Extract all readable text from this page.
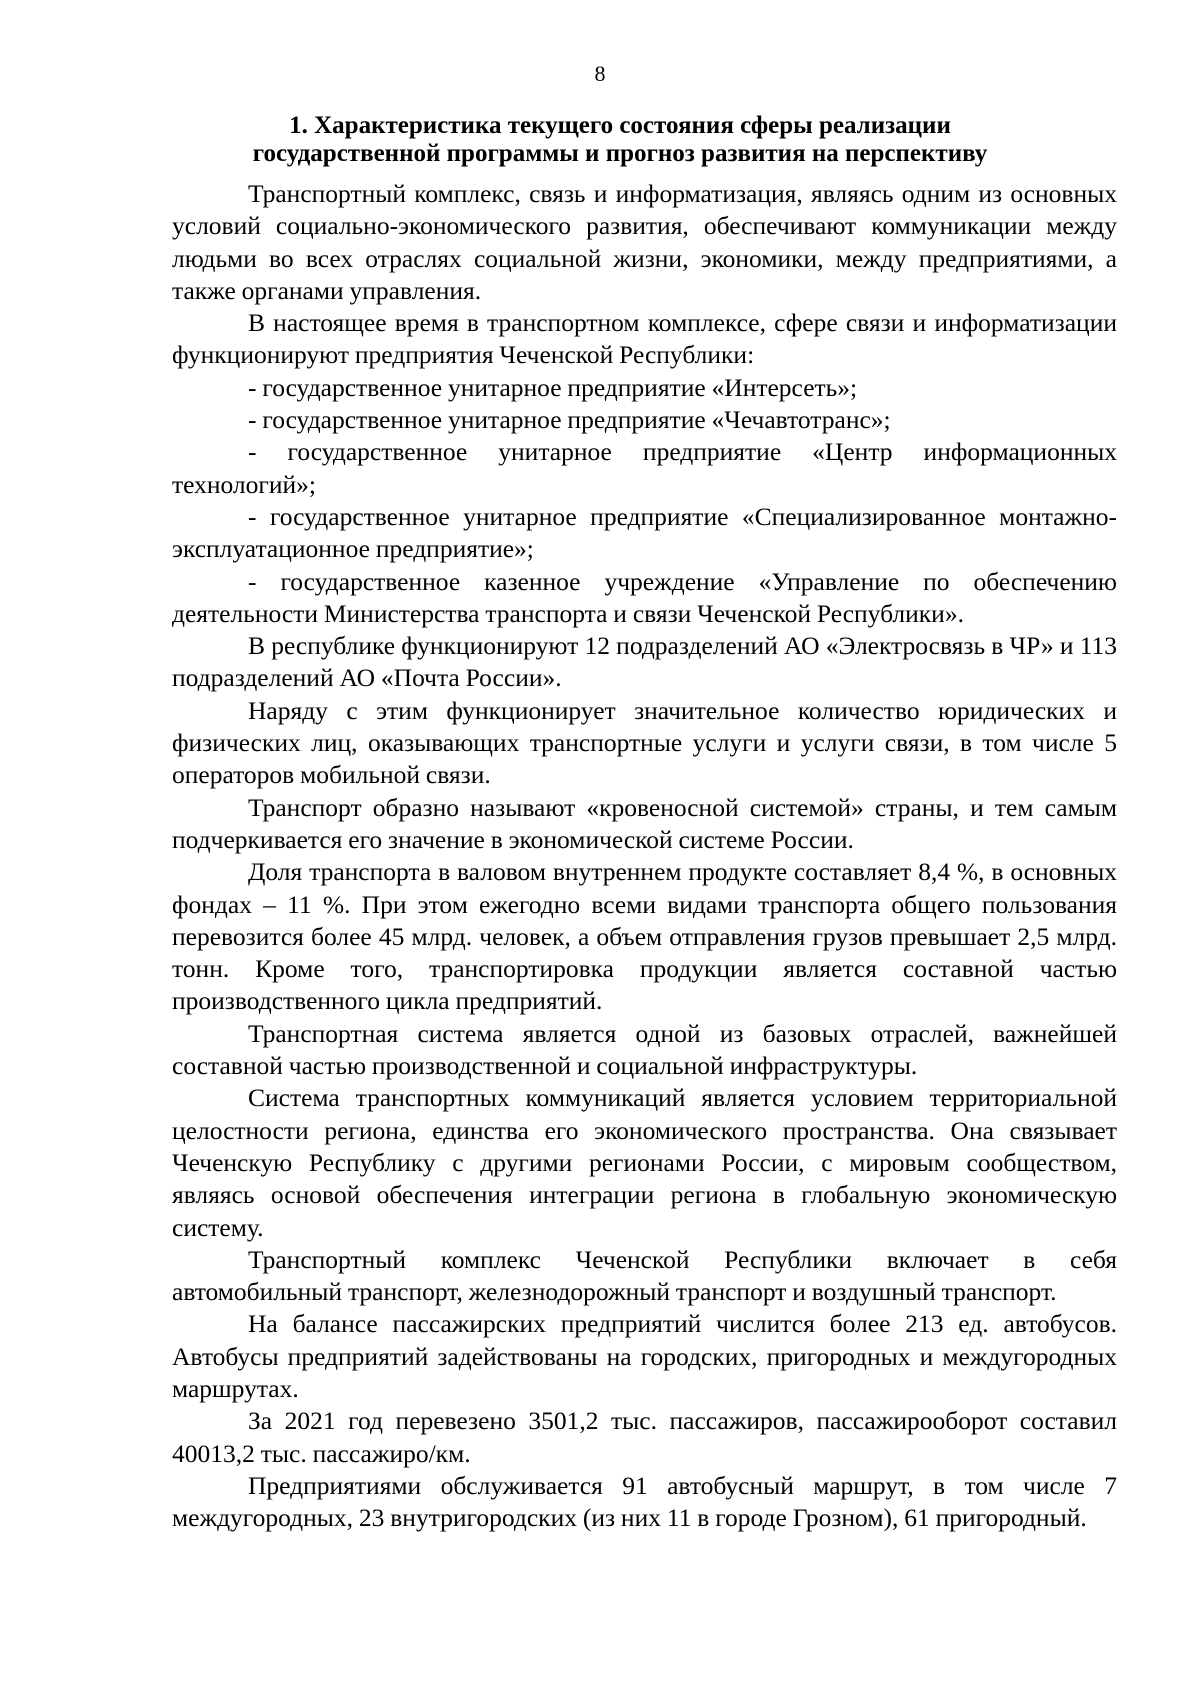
8
1. Характеристика текущего состояния сферы реализации
государственной программы и прогноз развития на перспективу

Транспортный комплекс, связь и информатизация, являясь одним из основных условий социально-экономического развития, обеспечивают коммуникации между людьми во всех отраслях социальной жизни, экономики, между предприятиями, а также органами управления.

В настоящее время в транспортном комплексе, сфере связи и информатизации функционируют предприятия Чеченской Республики:

- государственное унитарное предприятие «Интерсеть»;

- государственное унитарное предприятие «Чечавтотранс»;

- государственное унитарное предприятие «Центр информационных технологий»;

- государственное унитарное предприятие «Специализированное монтажно-эксплуатационное предприятие»;

- государственное казенное учреждение «Управление по обеспечению деятельности Министерства транспорта и связи Чеченской Республики».

В республике функционируют 12 подразделений АО «Электросвязь в ЧР» и 113 подразделений АО «Почта России».

Наряду с этим функционирует значительное количество юридических и физических лиц, оказывающих транспортные услуги и услуги связи, в том числе 5 операторов мобильной связи.

Транспорт образно называют «кровеносной системой» страны, и тем самым подчеркивается его значение в экономической системе России.

Доля транспорта в валовом внутреннем продукте составляет 8,4 %, в основных фондах – 11 %. При этом ежегодно всеми видами транспорта общего пользования перевозится более 45 млрд. человек, а объем отправления грузов превышает 2,5 млрд. тонн. Кроме того, транспортировка продукции является составной частью производственного цикла предприятий.

Транспортная система является одной из базовых отраслей, важнейшей составной частью производственной и социальной инфраструктуры.

Система транспортных коммуникаций является условием территориальной целостности региона, единства его экономического пространства. Она связывает Чеченскую Республику с другими регионами России, с мировым сообществом, являясь основой обеспечения интеграции региона в глобальную экономическую систему.

Транспортный комплекс Чеченской Республики включает в себя автомобильный транспорт, железнодорожный транспорт и воздушный транспорт.

На балансе пассажирских предприятий числится более 213 ед. автобусов. Автобусы предприятий задействованы на городских, пригородных и междугородных маршрутах.

За 2021 год перевезено 3501,2 тыс. пассажиров, пассажирооборот составил 40013,2 тыс. пассажиро/км.

Предприятиями обслуживается 91 автобусный маршрут, в том числе 7 междугородных, 23 внутригородских (из них 11 в городе Грозном), 61 пригородный.
